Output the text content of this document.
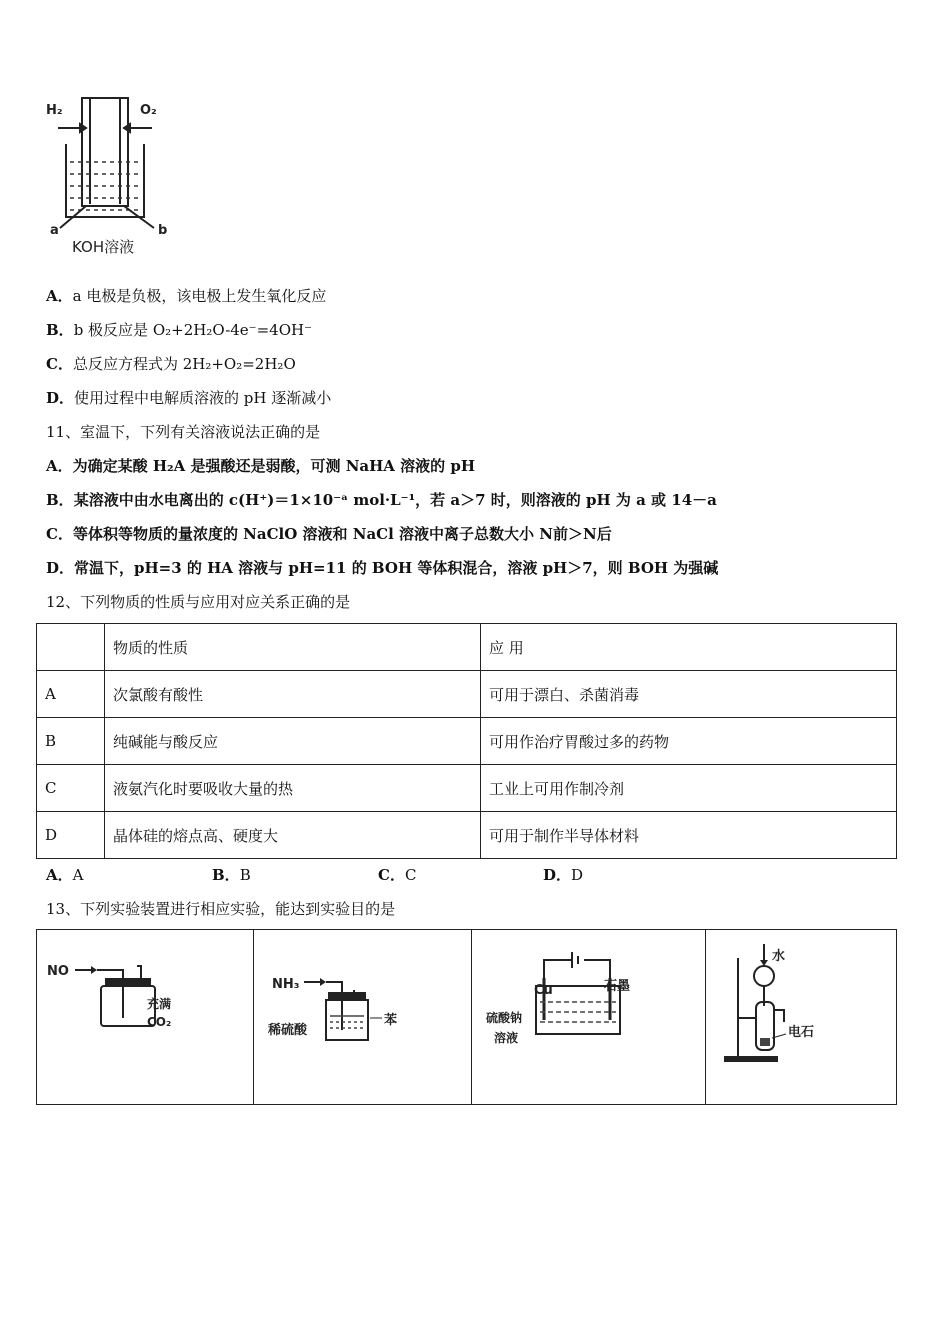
H₂	O₂
a	b
KOH溶液
A．a 电极是负极，该电极上发生氧化反应
B．b 极反应是 O₂+2H₂O-4e⁻=4OH⁻
C．总反应方程式为 2H₂+O₂=2H₂O
D．使用过程中电解质溶液的 pH 逐渐减小
11、室温下，下列有关溶液说法正确的是
A．为确定某酸 H₂A 是强酸还是弱酸，可测 NaHA 溶液的 pH
B．某溶液中由水电离出的 c(H⁺)＝1×10⁻ᵃ mol·L⁻¹，若 a＞7 时，则溶液的 pH 为 a 或 14－a
C．等体积等物质的量浓度的 NaClO 溶液和 NaCl 溶液中离子总数大小 N前＞N后
D．常温下，pH=3 的 HA 溶液与 pH=11 的 BOH 等体积混合，溶液 pH＞7，则 BOH 为强碱
12、下列物质的性质与应用对应关系正确的是
	物质的性质	应 用
A	次氯酸有酸性	可用于漂白、杀菌消毒
B	纯碱能与酸反应	可用作治疗胃酸过多的药物
C	液氨汽化时要吸收大量的热	工业上可用作制冷剂
D	晶体硅的熔点高、硬度大	可用于制作半导体材料
A．A	B．B	C．C	D．D
13、下列实验装置进行相应实验，能达到实验目的是
NO
充满
CO₂

NH₃
稀硫酸
苯

Cu	石墨
硫酸钠
溶液

水
电石
